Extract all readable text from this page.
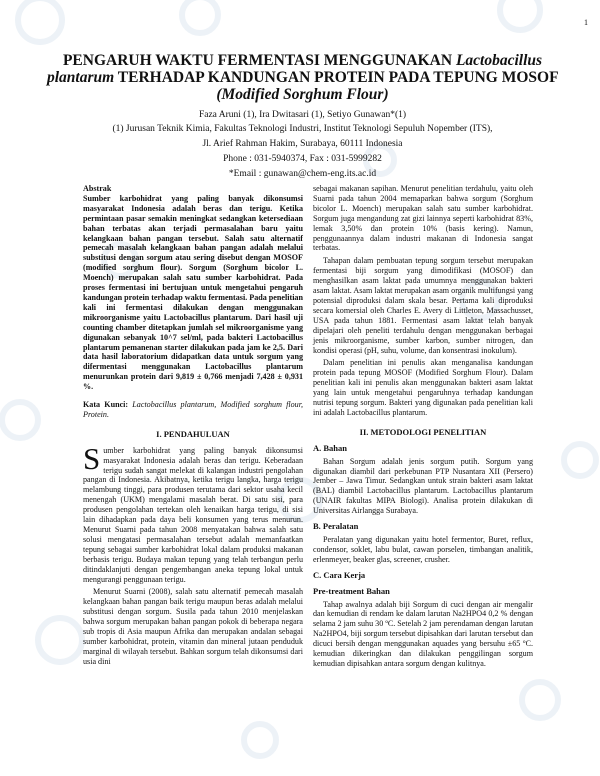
1
PENGARUH WAKTU FERMENTASI MENGGUNAKAN Lactobacillus plantarum TERHADAP KANDUNGAN PROTEIN PADA TEPUNG MOSOF (Modified Sorghum Flour)
Faza Aruni (1), Ira Dwitasari (1), Setiyo Gunawan*(1)
(1) Jurusan Teknik Kimia, Fakultas Teknologi Industri, Institut Teknologi Sepuluh Nopember (ITS),
Jl. Arief Rahman Hakim, Surabaya, 60111 Indonesia
Phone : 031-5940374, Fax : 031-5999282
*Email : gunawan@chem-eng.its.ac.id
Abstrak
Sumber karbohidrat yang paling banyak dikonsumsi masyarakat Indonesia adalah beras dan terigu. Ketika permintaan pasar semakin meningkat sedangkan ketersediaan bahan terbatas akan terjadi permasalahan baru yaitu kelangkaan bahan pangan tersebut. Salah satu alternatif pemecah masalah kelangkaan bahan pangan adalah melalui substitusi dengan sorgum atau sering disebut dengan MOSOF (modified sorghum flour). Sorgum (Sorghum bicolor L. Moench) merupakan salah satu sumber karbohidrat. Pada proses fermentasi ini bertujuan untuk mengetahui pengaruh kandungan protein terhadap waktu fermentasi. Pada penelitian kali ini fermentasi dilakukan dengan menggunakan mikroorganisme yaitu Lactobacillus plantarum. Dari hasil uji counting chamber ditetapkan jumlah sel mikroorganisme yang digunakan sebanyak 10^7 sel/ml, pada bakteri Lactobacillus plantarum pemanenan starter dilakukan pada jam ke 2,5. Dari data hasil laboratorium didapatkan data untuk sorgum yang difermentasi menggunakan Lactobacillus plantarum menurunkan protein dari 9,819 ± 0,766 menjadi 7,428 ± 0,931 %.
Kata Kunci: Lactobacillus plantarum, Modified sorghum flour, Protein.
I. PENDAHULUAN

Sumber karbohidrat yang paling banyak dikonsumsi masyarakat Indonesia adalah beras dan terigu. Keberadaan terigu sudah sangat melekat di kalangan industri pengolahan pangan di Indonesia. Akibatnya, ketika terigu langka, harga terigu melambung tinggi, para produsen terutama dari sektor usaha kecil menengah (UKM) mengalami masalah berat. Di satu sisi, para produsen pengolahan tertekan oleh kenaikan harga terigu, di sisi lain dihadapkan pada daya beli konsumen yang terus menurun. Menurut Suarni pada tahun 2008 menyatakan bahwa salah satu solusi mengatasi permasalahan tersebut adalah memanfaatkan tepung sebagai sumber karbohidrat lokal dalam produksi makanan berbasis terigu. Budaya makan tepung yang telah terbangun perlu ditindaklanjuti dengan pengembangan aneka tepung lokal untuk mengurangi penggunaan terigu.

Menurut Suarni (2008), salah satu alternatif pemecah masalah kelangkaan bahan pangan baik terigu maupun beras adalah melalui substitusi dengan sorgum. Susila pada tahun 2010 menjelaskan bahwa sorgum merupakan bahan pangan pokok di beberapa negara sub tropis di Asia maupun Afrika dan merupakan andalan sebagai sumber karbohidrat, protein, vitamin dan mineral jutaan penduduk marginal di wilayah tersebut. Bahkan sorgum telah dikonsumsi dari usia dini

sebagai makanan sapihan. Menurut penelitian terdahulu, yaitu oleh Suarni pada tahun 2004 memaparkan bahwa sorgum (Sorghum bicolor L. Moench) merupakan salah satu sumber karbohidrat. Sorgum juga mengandung zat gizi lainnya seperti karbohidrat 83%, lemak 3,50% dan protein 10% (basis kering). Namun, penggunaannya dalam industri makanan di Indonesia sangat terbatas.

Tahapan dalam pembuatan tepung sorgum tersebut merupakan fermentasi biji sorgum yang dimodifikasi (MOSOF) dan menghasilkan asam laktat pada umumnya menggunakan bakteri asam laktat. Asam laktat merupakan asam organik multifungsi yang potensial diproduksi dalam skala besar. Pertama kali diproduksi secara komersial oleh Charles E. Avery di Littleton, Massachusset, USA pada tahun 1881. Fermentasi asam laktat telah banyak dipelajari oleh peneliti terdahulu dengan menggunakan berbagai jenis mikroorganisme, sumber karbon, sumber nitrogen, dan kondisi operasi (pH, suhu, volume, dan konsentrasi inokulum).

Dalam penelitian ini penulis akan menganalisa kandungan protein pada tepung MOSOF (Modified Sorghum Flour). Dalam penelitian kali ini penulis akan menggunakan bakteri asam laktat yang lain untuk mengetahui pengaruhnya terhadap kandungan nutrisi tepung sorgum. Bakteri yang digunakan pada penelitian kali ini adalah Lactobacillus plantarum.

II. METODOLOGI PENELITIAN
A. Bahan

Bahan Sorgum adalah jenis sorgum putih. Sorgum yang digunakan diambil dari perkebunan PTP Nusantara XII (Persero) Jember – Jawa Timur. Sedangkan untuk strain bakteri asam laktat (BAL) diambil Lactobacillus plantarum. Lactobacillus plantarum (UNAIR fakultas MIPA Biologi). Analisa protein dilakukan di Universitas Airlangga Surabaya.

B. Peralatan

Peralatan yang digunakan yaitu hotel fermentor, Buret, reflux, condensor, soklet, labu bulat, cawan porselen, timbangan analitik, erlenmeyer, beaker glas, screener, crusher.

C. Cara Kerja
Pre-treatment Bahan

Tahap awalnya adalah biji Sorgum di cuci dengan air mengalir dan kemudian di rendam ke dalam larutan Na2HPO4 0,2 % dengan selama 2 jam suhu 30 ºC. Setelah 2 jam perendaman dengan larutan Na2HPO4, biji sorgum tersebut dipisahkan dari larutan tersebut dan dicuci bersih dengan menggunakan aquades yang bersuhu ±65 ºC. kemudian dikeringkan dan dilakukan penggilingan sorgum kemudian dipisahkan antara sorgum dengan kulitnya.
